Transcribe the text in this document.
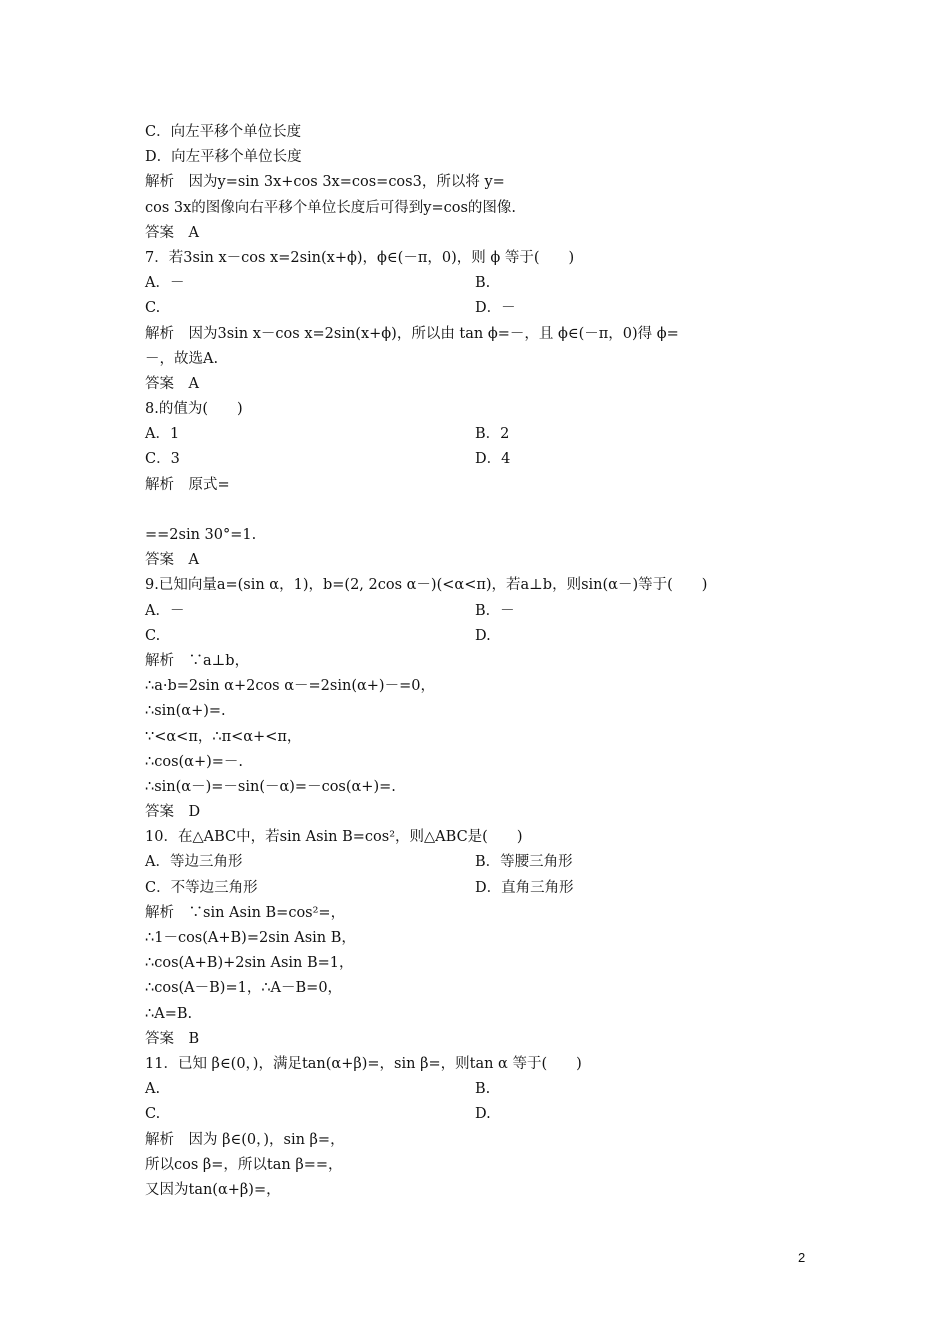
C．向左平移个单位长度
D．向左平移个单位长度
解析　因为y=sin 3x+cos 3x=cos=cos3，所以将 y=
cos 3x的图像向右平移个单位长度后可得到y=cos的图像.
答案　A
7．若3sin x－cos x=2sin(x+ϕ)，ϕ∈(－π，0)，则 ϕ 等于(　　)
A．－	B.
C.	D．－
解析　因为3sin x－cos x=2sin(x+ϕ)，所以由 tan ϕ=－，且 ϕ∈(－π，0)得 ϕ=
－，故选A.
答案　A
8.的值为(　　)
A．1	B．2
C．3	D．4
解析　原式=
==2sin 30°=1.
答案　A
9.已知向量a=(sin α，1)，b=(2, 2cos α－)(<α<π)，若a⊥b，则sin(α－)等于(　　)
A．－	B．－
C.	D.
解析　∵a⊥b，
∴a·b=2sin α+2cos α－=2sin(α+)－=0，
∴sin(α+)=.
∵<α<π，∴π<α+<π，
∴cos(α+)=－.
∴sin(α－)=－sin(－α)=－cos(α+)=.
答案　D
10．在△ABC中，若sin Asin B=cos²，则△ABC是(　　)
A．等边三角形	B．等腰三角形
C．不等边三角形	D．直角三角形
解析　∵sin Asin B=cos²=，
∴1－cos(A+B)=2sin Asin B，
∴cos(A+B)+2sin Asin B=1，
∴cos(A－B)=1，∴A－B=0，
∴A=B.
答案　B
11．已知 β∈(0，)，满足tan(α+β)=，sin β=，则tan α 等于(　　)
A.	B.
C.	D.
解析　因为 β∈(0，)，sin β=，
所以cos β=，所以tan β==，
又因为tan(α+β)=，
2
